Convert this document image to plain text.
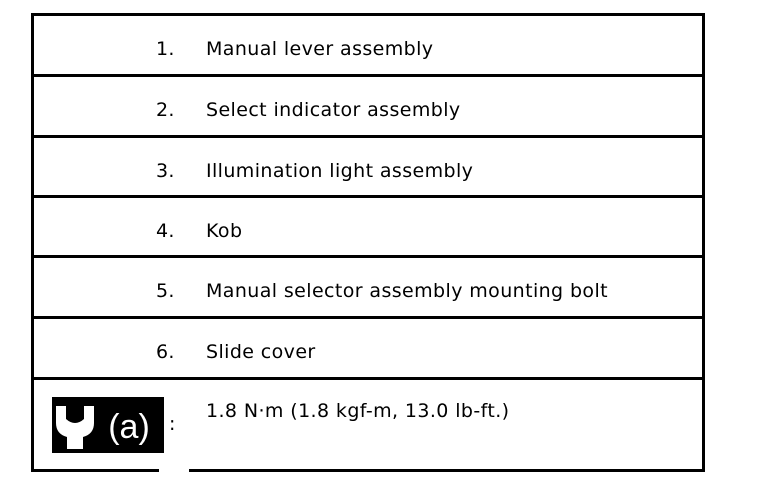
1. Manual lever assembly
2. Select indicator assembly
3. Illumination light assembly
4. Kob
5. Manual selector assembly mounting bolt
6. Slide cover
(a) :
1.8 N·m (1.8 kgf-m, 13.0 lb-ft.)
